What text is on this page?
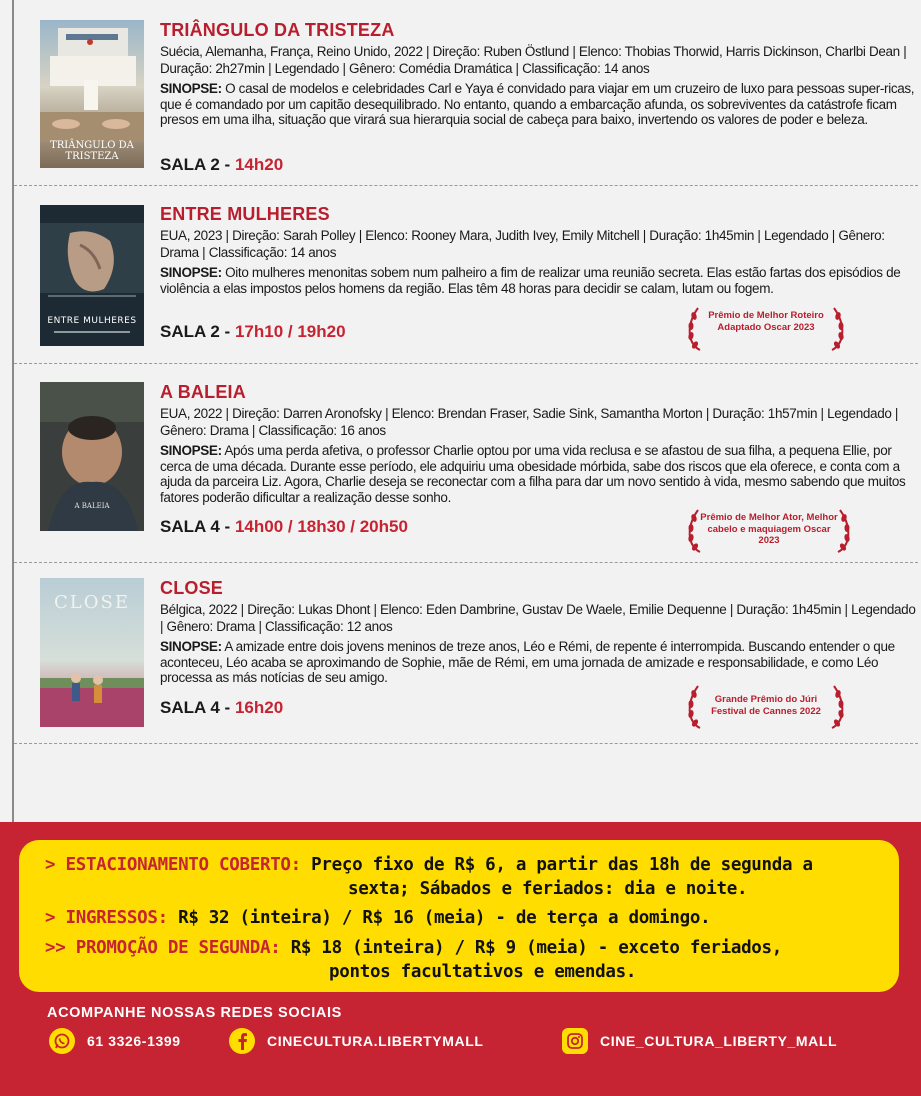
TRIÂNGULO DA
TRISTEZA
TRIÂNGULO DA TRISTEZA
Suécia, Alemanha, França, Reino Unido, 2022 | Direção: Ruben Östlund | Elenco: Thobias Thorwid, Harris Dickinson, Charlbi Dean | Duração: 2h27min | Legendado | Gênero: Comédia Dramática | Classificação: 14 anos
SINOPSE: O casal de modelos e celebridades Carl e Yaya é convidado para viajar em um cruzeiro de luxo para pessoas super-ricas, que é comandado por um capitão desequilibrado. No entanto, quando a embarcação afunda, os sobreviventes da catástrofe ficam presos em uma ilha, situação que virará sua hierarquia social de cabeça para baixo, invertendo os valores de poder e beleza.
SALA 2 - 14h20
ENTRE MULHERES
ENTRE MULHERES
EUA, 2023 | Direção: Sarah Polley | Elenco: Rooney Mara, Judith Ivey, Emily Mitchell | Duração: 1h45min | Legendado | Gênero: Drama | Classificação: 14 anos
SINOPSE: Oito mulheres menonitas sobem num palheiro a fim de realizar uma reunião secreta. Elas estão fartas dos episódios de violência a elas impostos pelos homens da região. Elas têm 48 horas para decidir se calam, lutam ou fogem.
SALA 2 - 17h10 / 19h20
Prêmio de Melhor Roteiro Adaptado Oscar 2023
A BALEIA
A BALEIA
EUA, 2022 | Direção: Darren Aronofsky | Elenco: Brendan Fraser, Sadie Sink, Samantha Morton | Duração: 1h57min | Legendado | Gênero: Drama | Classificação: 16 anos
SINOPSE: Após uma perda afetiva, o professor Charlie optou por uma vida reclusa e se afastou de sua filha, a pequena Ellie, por cerca de uma década. Durante esse período, ele adquiriu uma obesidade mórbida, sabe dos riscos que ela oferece, e conta com a ajuda da parceira Liz. Agora, Charlie deseja se reconectar com a filha para dar um novo sentido à vida, mesmo sabendo que muitos fatores poderão dificultar a realização desse sonho.
SALA 4 - 14h00 / 18h30 / 20h50	Prêmio de Melhor Ator, Melhor cabelo e maquiagem Oscar 2023
CLOSE
CLOSE
Bélgica, 2022 | Direção: Lukas Dhont | Elenco: Eden Dambrine, Gustav De Waele, Emilie Dequenne | Duração: 1h45min | Legendado | Gênero: Drama | Classificação: 12 anos
SINOPSE: A amizade entre dois jovens meninos de treze anos, Léo e Rémi, de repente é interrompida. Buscando entender o que aconteceu, Léo acaba se aproximando de Sophie, mãe de Rémi, em uma jornada de amizade e responsabilidade, e como Léo processa as más notícias de seu amigo.
SALA 4 - 16h20	Grande Prêmio do Júri Festival de Cannes 2022
> ESTACIONAMENTO COBERTO: Preço fixo de R$ 6, a partir das 18h de segunda a
sexta; Sábados e feriados: dia e noite.
> INGRESSOS: R$ 32 (inteira) / R$ 16 (meia) - de terça a domingo.
>> PROMOÇÃO DE SEGUNDA: R$ 18 (inteira) / R$ 9 (meia) - exceto feriados,
pontos facultativos e emendas.
ACOMPANHE NOSSAS REDES SOCIAIS
61 3326-1399	CINECULTURA.LIBERTYMALL	CINE_CULTURA_LIBERTY_MALL
